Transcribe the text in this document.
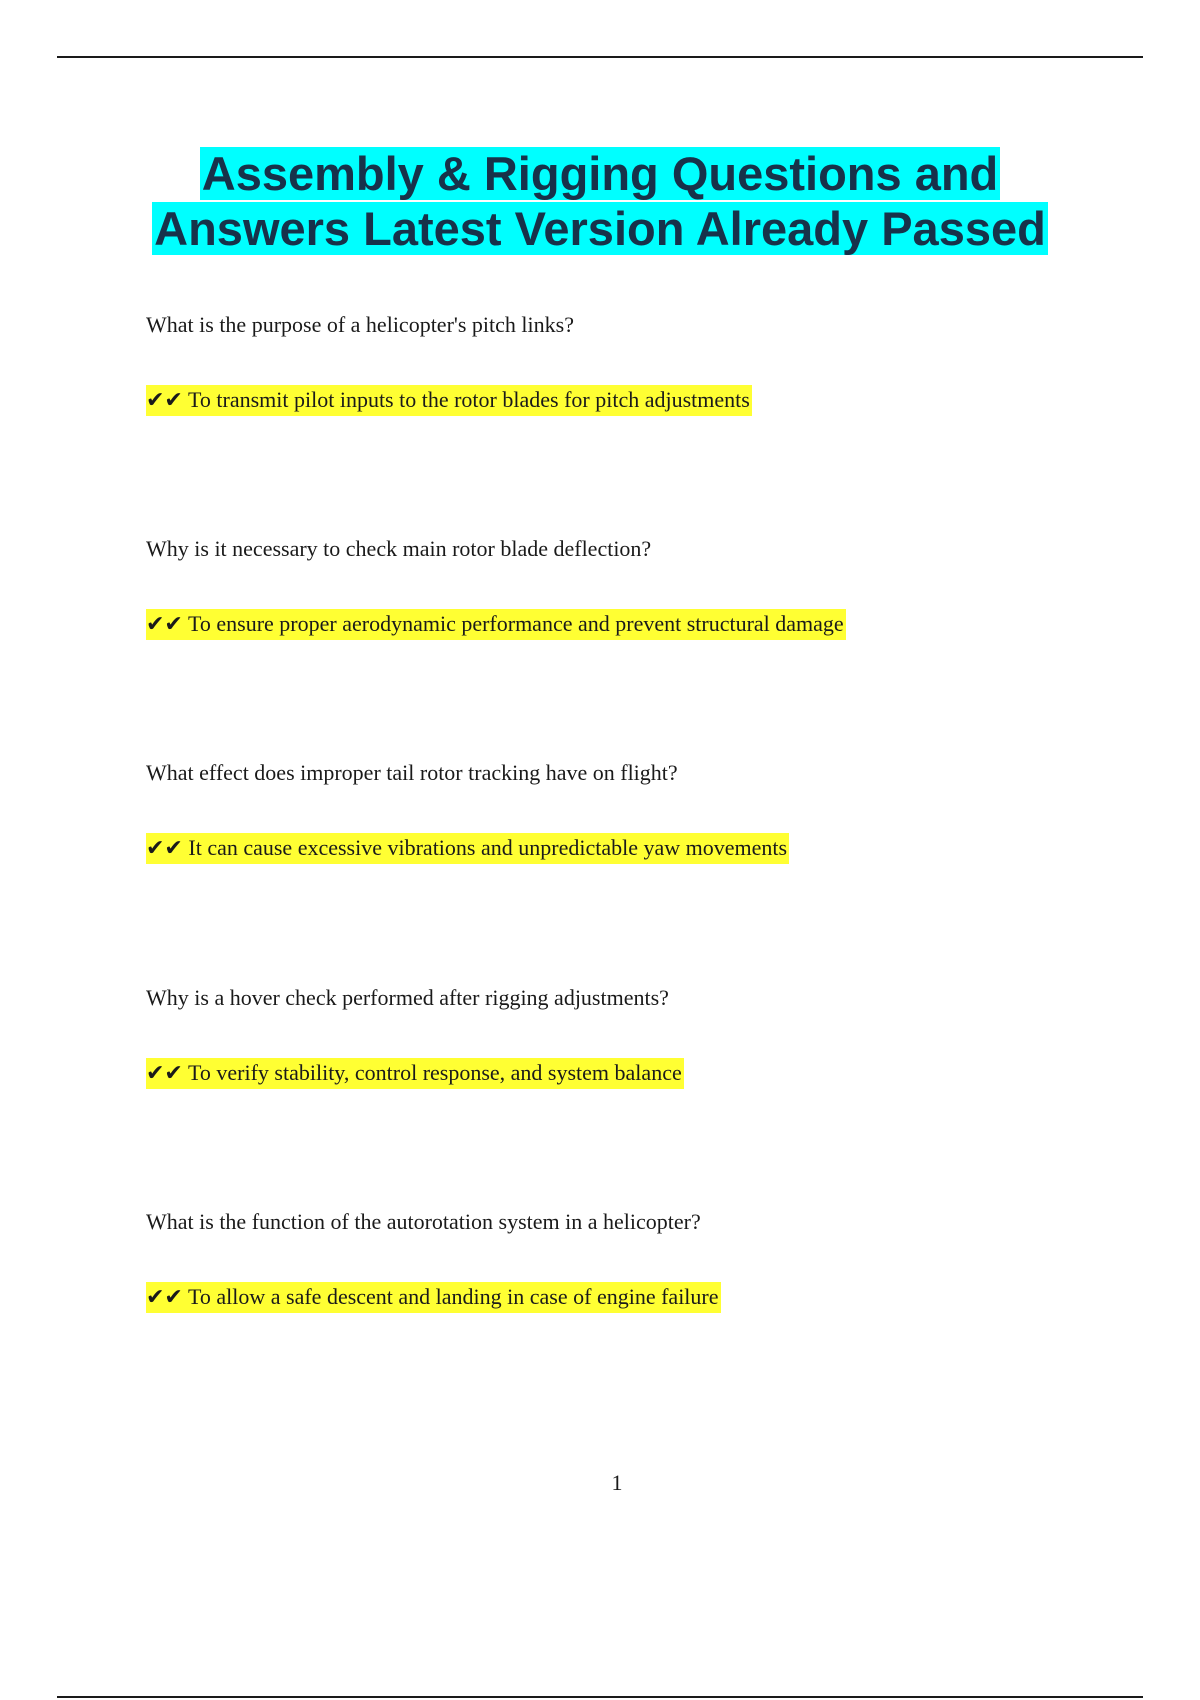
Assembly & Rigging Questions and
Answers Latest Version Already Passed
What is the purpose of a helicopter's pitch links?
✔✔ To transmit pilot inputs to the rotor blades for pitch adjustments
Why is it necessary to check main rotor blade deflection?
✔✔ To ensure proper aerodynamic performance and prevent structural damage
What effect does improper tail rotor tracking have on flight?
✔✔ It can cause excessive vibrations and unpredictable yaw movements
Why is a hover check performed after rigging adjustments?
✔✔ To verify stability, control response, and system balance
What is the function of the autorotation system in a helicopter?
✔✔ To allow a safe descent and landing in case of engine failure
1
